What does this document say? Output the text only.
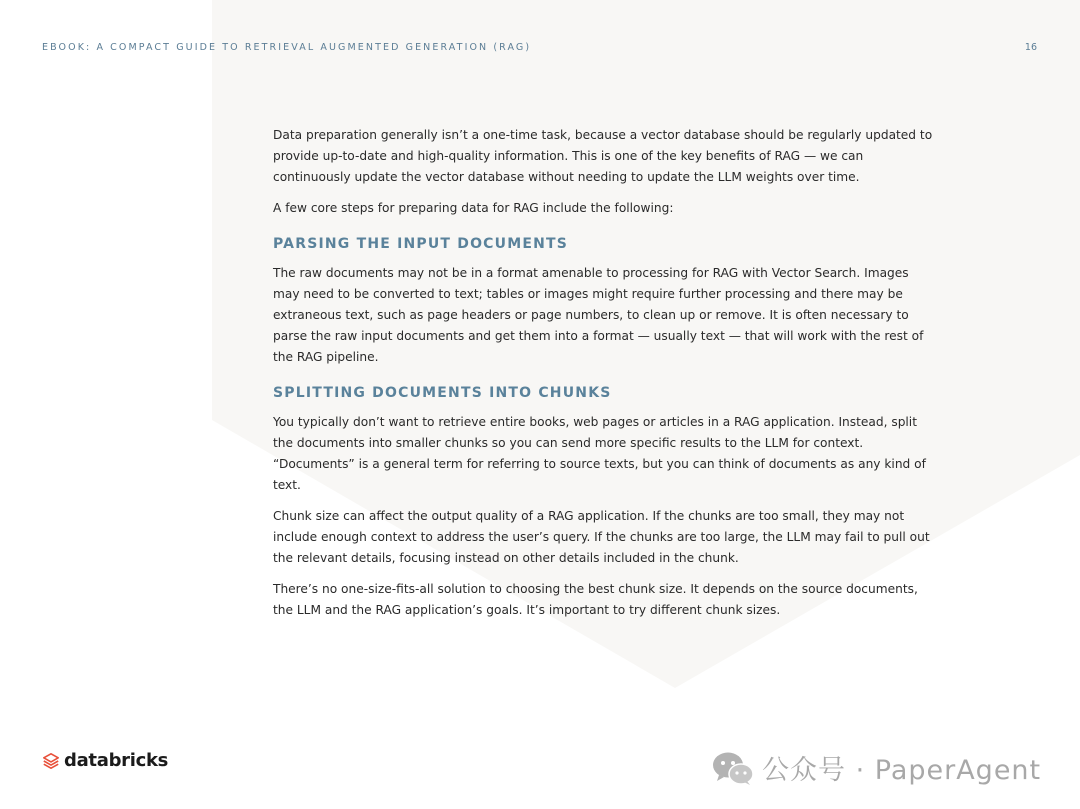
EBOOK: A COMPACT GUIDE TO RETRIEVAL AUGMENTED GENERATION (RAG)	16

Data preparation generally isn’t a one-time task, because a vector database should be regularly updated to provide up-to-date and high-quality information. This is one of the key benefits of RAG — we can continuously update the vector database without needing to update the LLM weights over time.

A few core steps for preparing data for RAG include the following:

PARSING THE INPUT DOCUMENTS

The raw documents may not be in a format amenable to processing for RAG with Vector Search. Images may need to be converted to text; tables or images might require further processing and there may be extraneous text, such as page headers or page numbers, to clean up or remove. It is often necessary to parse the raw input documents and get them into a format — usually text — that will work with the rest of the RAG pipeline.

SPLITTING DOCUMENTS INTO CHUNKS

You typically don’t want to retrieve entire books, web pages or articles in a RAG application. Instead, split the documents into smaller chunks so you can send more specific results to the LLM for context. “Documents” is a general term for referring to source texts, but you can think of documents as any kind of text.

Chunk size can affect the output quality of a RAG application. If the chunks are too small, they may not include enough context to address the user’s query. If the chunks are too large, the LLM may fail to pull out the relevant details, focusing instead on other details included in the chunk.

There’s no one-size-fits-all solution to choosing the best chunk size. It depends on the source documents, the LLM and the RAG application’s goals. It’s important to try different chunk sizes.

databricks	公众号 · PaperAgent
